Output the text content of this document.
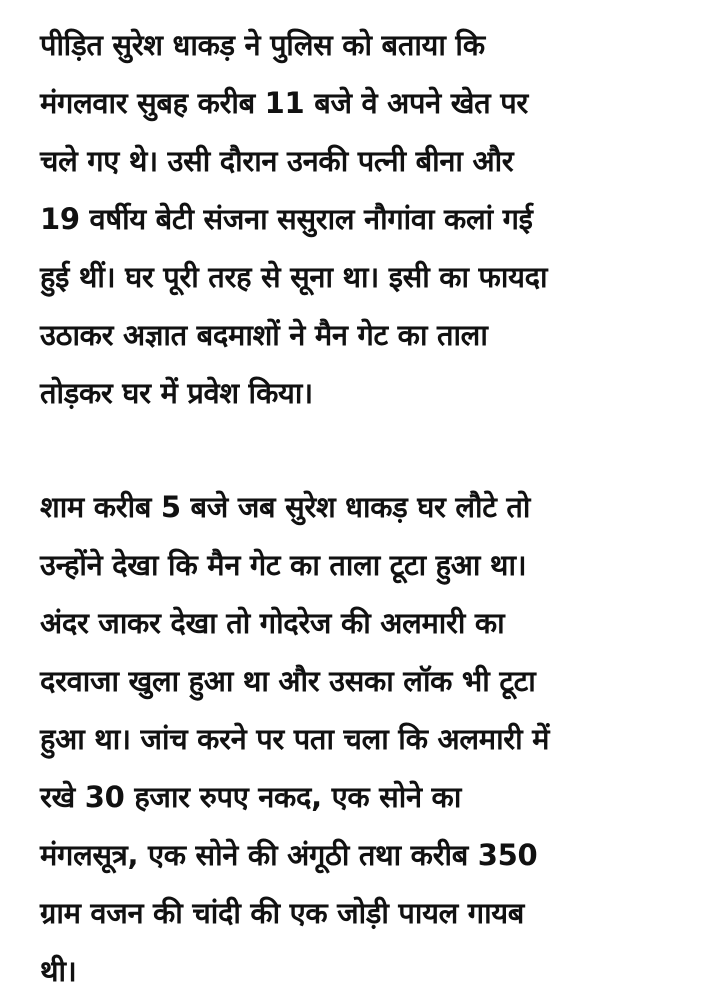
पीड़ित सुरेश धाकड़ ने पुलिस को बताया कि
मंगलवार सुबह करीब 11 बजे वे अपने खेत पर
चले गए थे। उसी दौरान उनकी पत्नी बीना और
19 वर्षीय बेटी संजना ससुराल नौगांवा कलां गई
हुई थीं। घर पूरी तरह से सूना था। इसी का फायदा
उठाकर अज्ञात बदमाशों ने मैन गेट का ताला
तोड़कर घर में प्रवेश किया।
शाम करीब 5 बजे जब सुरेश धाकड़ घर लौटे तो
उन्होंने देखा कि मैन गेट का ताला टूटा हुआ था।
अंदर जाकर देखा तो गोदरेज की अलमारी का
दरवाजा खुला हुआ था और उसका लॉक भी टूटा
हुआ था। जांच करने पर पता चला कि अलमारी में
रखे 30 हजार रुपए नकद, एक सोने का
मंगलसूत्र, एक सोने की अंगूठी तथा करीब 350
ग्राम वजन की चांदी की एक जोड़ी पायल गायब
थी।
